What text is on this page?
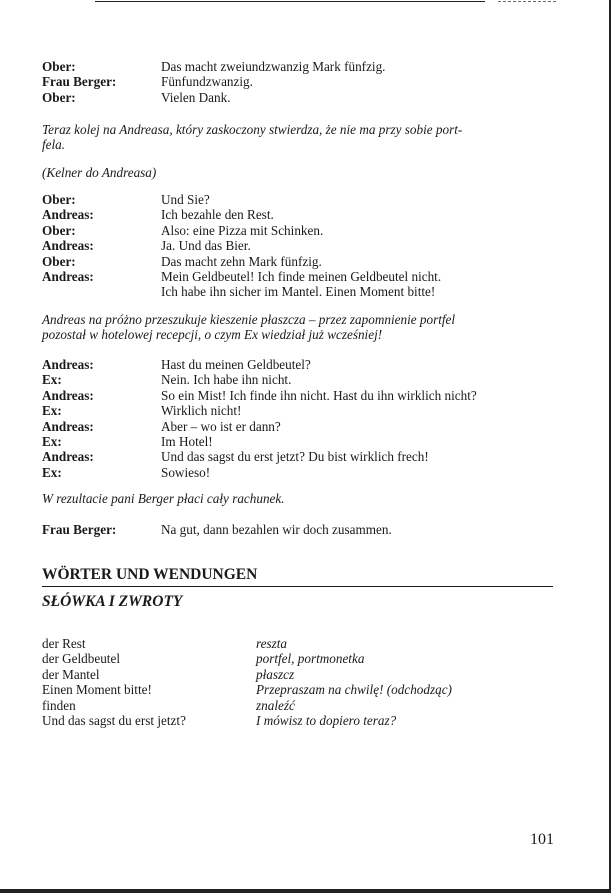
Ober:	Das macht zweiundzwanzig Mark fünfzig.
Frau Berger:	Fünfundzwanzig.
Ober:	Vielen Dank.
Teraz kolej na Andreasa, który zaskoczony stwierdza, że nie ma przy sobie port-
fela.
(Kelner do Andreasa)
Ober:	Und Sie?
Andreas:	Ich bezahle den Rest.
Ober:	Also: eine Pizza mit Schinken.
Andreas:	Ja. Und das Bier.
Ober:	Das macht zehn Mark fünfzig.
Andreas:	Mein Geldbeutel! Ich finde meinen Geldbeutel nicht.
Ich habe ihn sicher im Mantel. Einen Moment bitte!
Andreas na próżno przeszukuje kieszenie płaszcza – przez zapomnienie portfel
pozostał w hotelowej recepcji, o czym Ex wiedział już wcześniej!
Andreas:	Hast du meinen Geldbeutel?
Ex:	Nein. Ich habe ihn nicht.
Andreas:	So ein Mist! Ich finde ihn nicht. Hast du ihn wirklich nicht?
Ex:	Wirklich nicht!
Andreas:	Aber – wo ist er dann?
Ex:	Im Hotel!
Andreas:	Und das sagst du erst jetzt? Du bist wirklich frech!
Ex:	Sowieso!
W rezultacie pani Berger płaci cały rachunek.
Frau Berger:	Na gut, dann bezahlen wir doch zusammen.
WÖRTER UND WENDUNGEN
SŁÓWKA I ZWROTY
der Rest	reszta
der Geldbeutel	portfel, portmonetka
der Mantel	płaszcz
Einen Moment bitte!	Przepraszam na chwilę! (odchodząc)
finden	znaleźć
Und das sagst du erst jetzt?	I mówisz to dopiero teraz?
101
